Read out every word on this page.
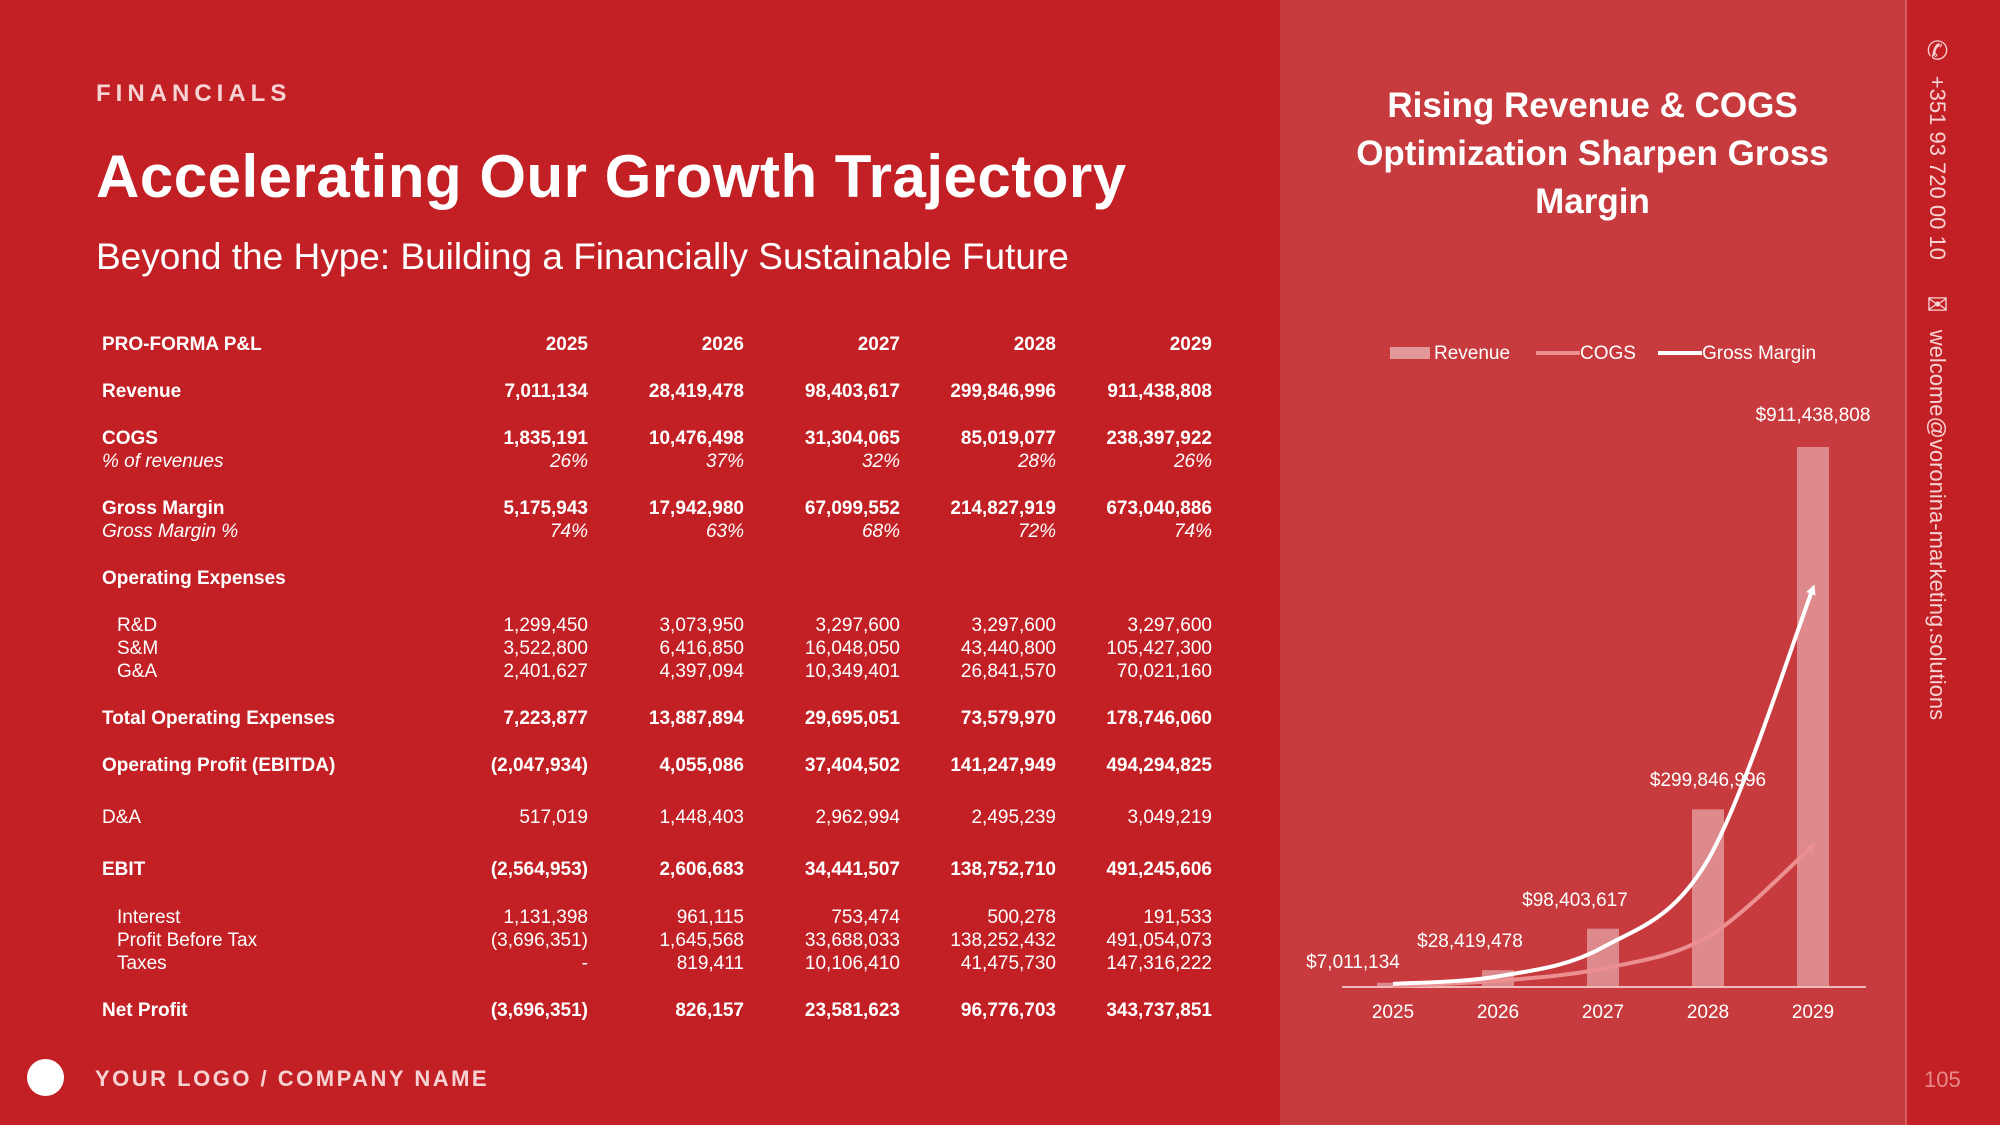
FINANCIALS
Accelerating Our Growth Trajectory
Beyond the Hype: Building a Financially Sustainable Future
PRO-FORMA P&L	2025	2026	2027	2028	2029
Revenue	7,011,134	28,419,478	98,403,617	299,846,996	911,438,808
COGS	1,835,191	10,476,498	31,304,065	85,019,077	238,397,922
% of revenues	26%	37%	32%	28%	26%
Gross Margin	5,175,943	17,942,980	67,099,552	214,827,919	673,040,886
Gross Margin %	74%	63%	68%	72%	74%
Operating Expenses
R&D	1,299,450	3,073,950	3,297,600	3,297,600	3,297,600
S&M	3,522,800	6,416,850	16,048,050	43,440,800	105,427,300
G&A	2,401,627	4,397,094	10,349,401	26,841,570	70,021,160
Total Operating Expenses	7,223,877	13,887,894	29,695,051	73,579,970	178,746,060
Operating Profit (EBITDA)	(2,047,934)	4,055,086	37,404,502	141,247,949	494,294,825
D&A	517,019	1,448,403	2,962,994	2,495,239	3,049,219
EBIT	(2,564,953)	2,606,683	34,441,507	138,752,710	491,245,606
Interest	1,131,398	961,115	753,474	500,278	191,533
Profit Before Tax	(3,696,351)	1,645,568	33,688,033	138,252,432	491,054,073
Taxes	-	819,411	10,106,410	41,475,730	147,316,222
Net Profit	(3,696,351)	826,157	23,581,623	96,776,703	343,737,851
YOUR LOGO / COMPANY NAME
Rising Revenue & COGS Optimization Sharpen Gross Margin
Revenue	COGS	Gross Margin
$7,011,134
$28,419,478
$98,403,617
$299,846,996
$911,438,808
2025	2026	2027	2028	2029
✆
+351 93 720 00 10
✉
welcome@voronina-marketing.solutions
105
